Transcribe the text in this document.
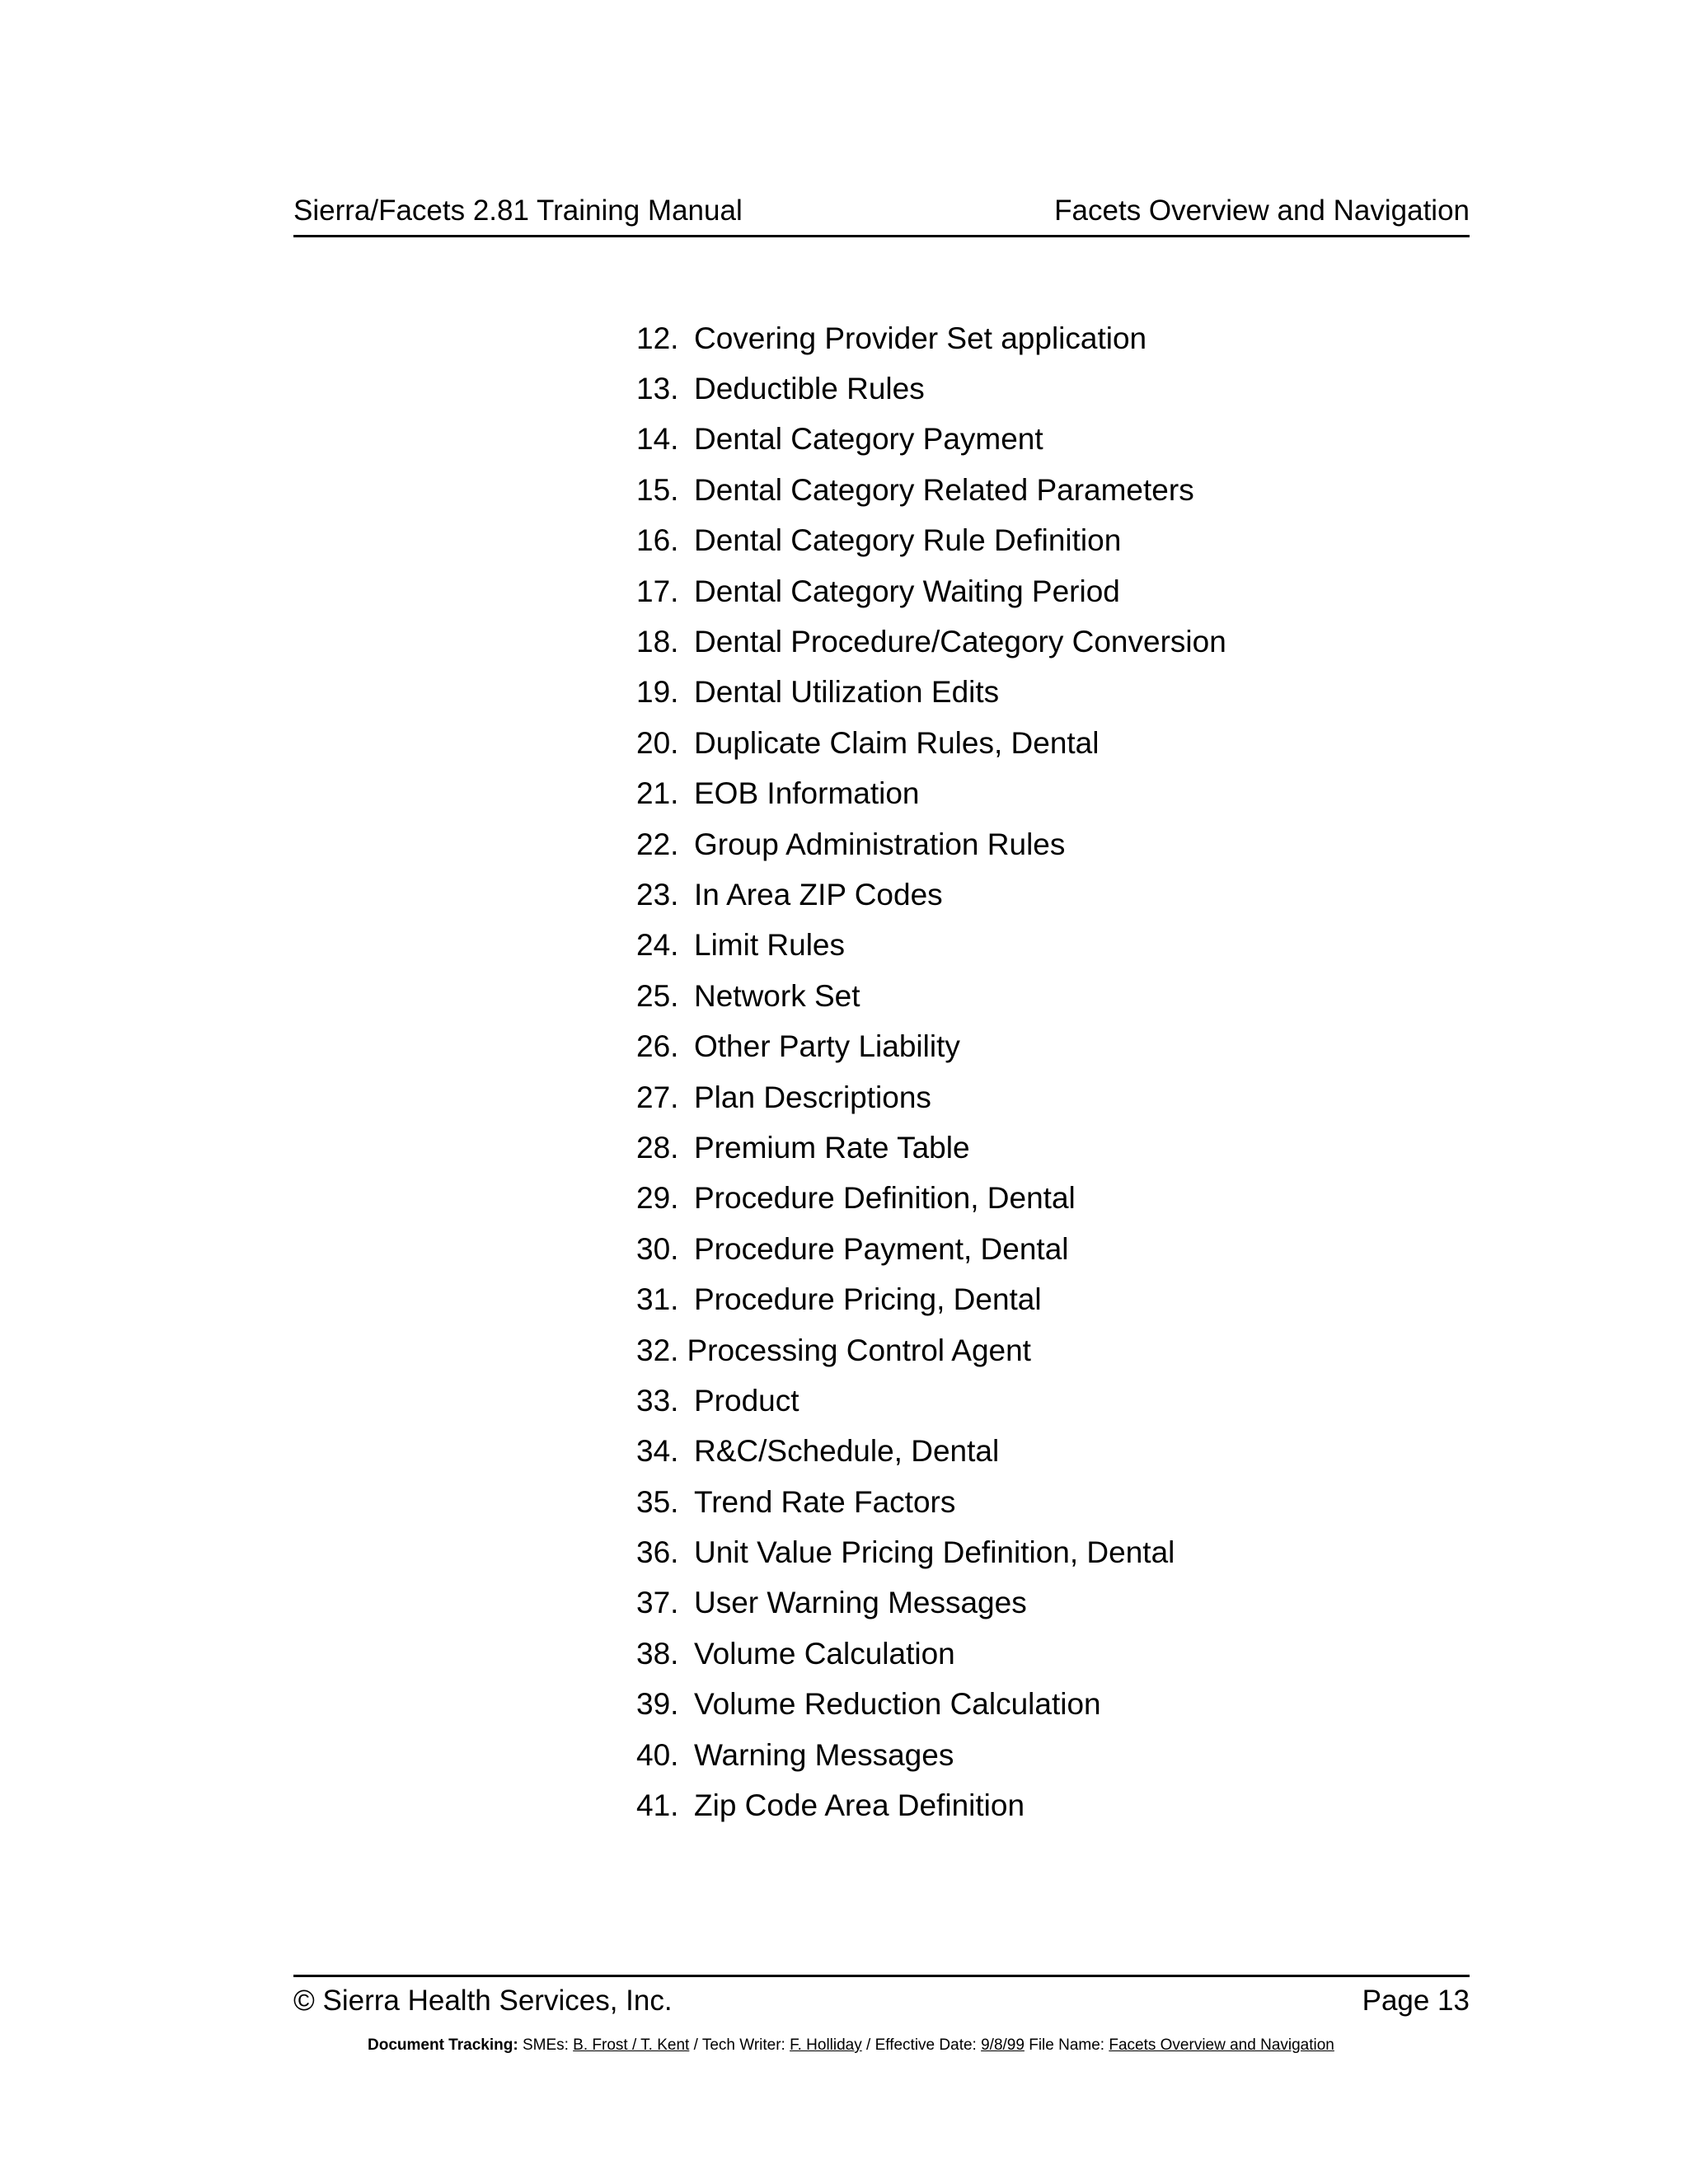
Sierra/Facets 2.81 Training Manual	Facets Overview and Navigation
12. Covering Provider Set application
13. Deductible Rules
14. Dental Category Payment
15. Dental Category Related Parameters
16. Dental Category Rule Definition
17. Dental Category Waiting Period
18. Dental Procedure/Category Conversion
19. Dental Utilization Edits
20. Duplicate Claim Rules, Dental
21. EOB Information
22. Group Administration Rules
23. In Area ZIP Codes
24. Limit Rules
25. Network Set
26. Other Party Liability
27. Plan Descriptions
28. Premium Rate Table
29. Procedure Definition, Dental
30. Procedure Payment, Dental
31. Procedure Pricing, Dental
32. Processing Control Agent
33. Product
34. R&C/Schedule, Dental
35. Trend Rate Factors
36. Unit Value Pricing Definition, Dental
37. User Warning Messages
38. Volume Calculation
39. Volume Reduction Calculation
40. Warning Messages
41. Zip Code Area Definition
© Sierra Health Services, Inc.	Page 13
Document Tracking: SMEs: B. Frost / T. Kent / Tech Writer: F. Holliday / Effective Date: 9/8/99 File Name: Facets Overview and Navigation
